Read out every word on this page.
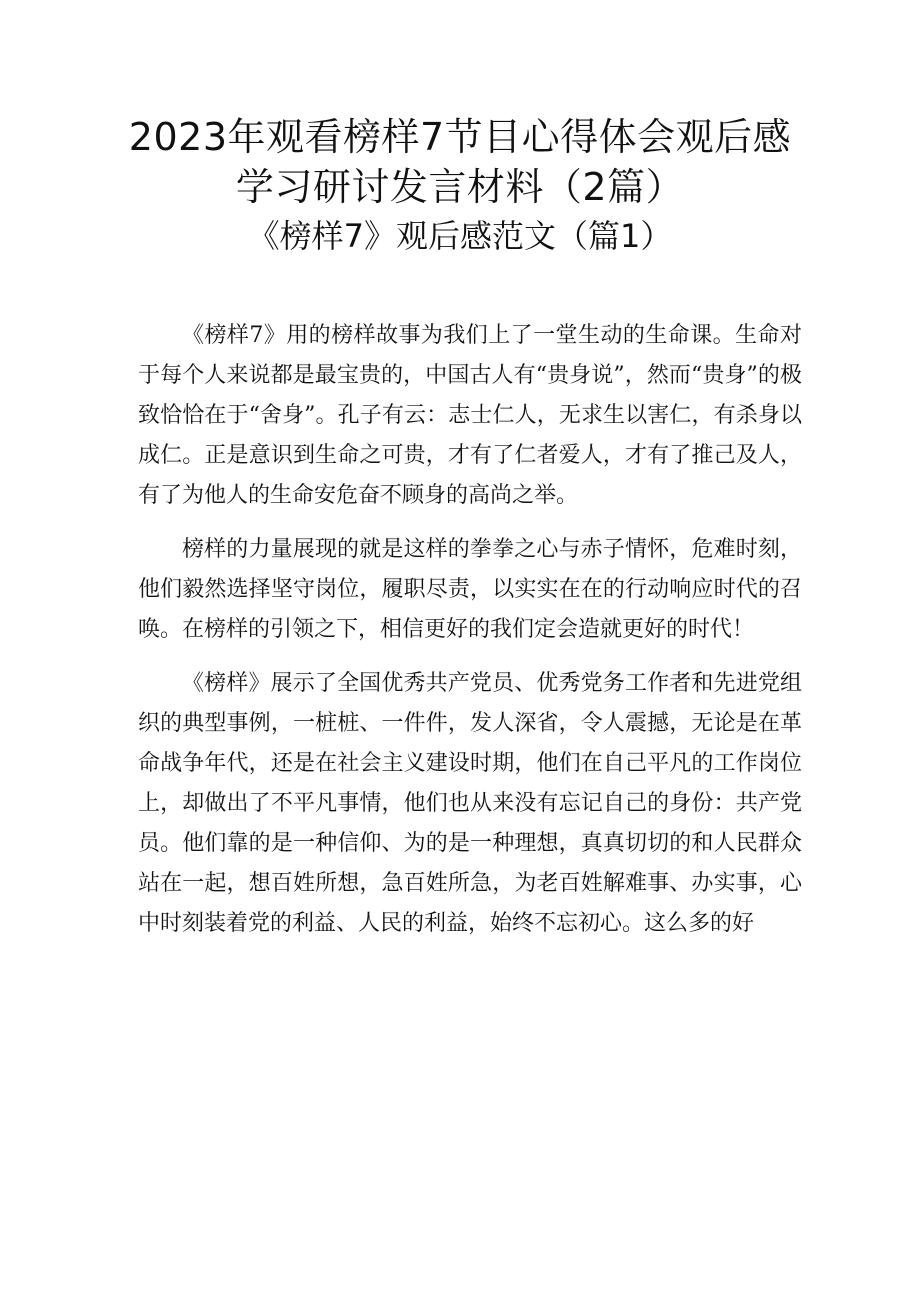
2023年观看榜样7节目心得体会观后感学习研讨发言材料（2篇）
《榜样7》观后感范文（篇1）

《榜样7》用的榜样故事为我们上了一堂生动的生命课。生命对于每个人来说都是最宝贵的，中国古人有“贵身说”，然而“贵身”的极致恰恰在于“舍身”。孔子有云：志士仁人，无求生以害仁，有杀身以成仁。正是意识到生命之可贵，才有了仁者爱人，才有了推己及人，有了为他人的生命安危奋不顾身的高尚之举。

榜样的力量展现的就是这样的拳拳之心与赤子情怀，危难时刻，他们毅然选择坚守岗位，履职尽责，以实实在在的行动响应时代的召唤。在榜样的引领之下，相信更好的我们定会造就更好的时代！

《榜样》展示了全国优秀共产党员、优秀党务工作者和先进党组织的典型事例，一桩桩、一件件，发人深省，令人震撼，无论是在革命战争年代，还是在社会主义建设时期，他们在自己平凡的工作岗位上，却做出了不平凡事情，他们也从来没有忘记自己的身份：共产党员。他们靠的是一种信仰、为的是一种理想，真真切切的和人民群众站在一起，想百姓所想，急百姓所急，为老百姓解难事、办实事，心中时刻装着党的利益、人民的利益，始终不忘初心。这么多的好
